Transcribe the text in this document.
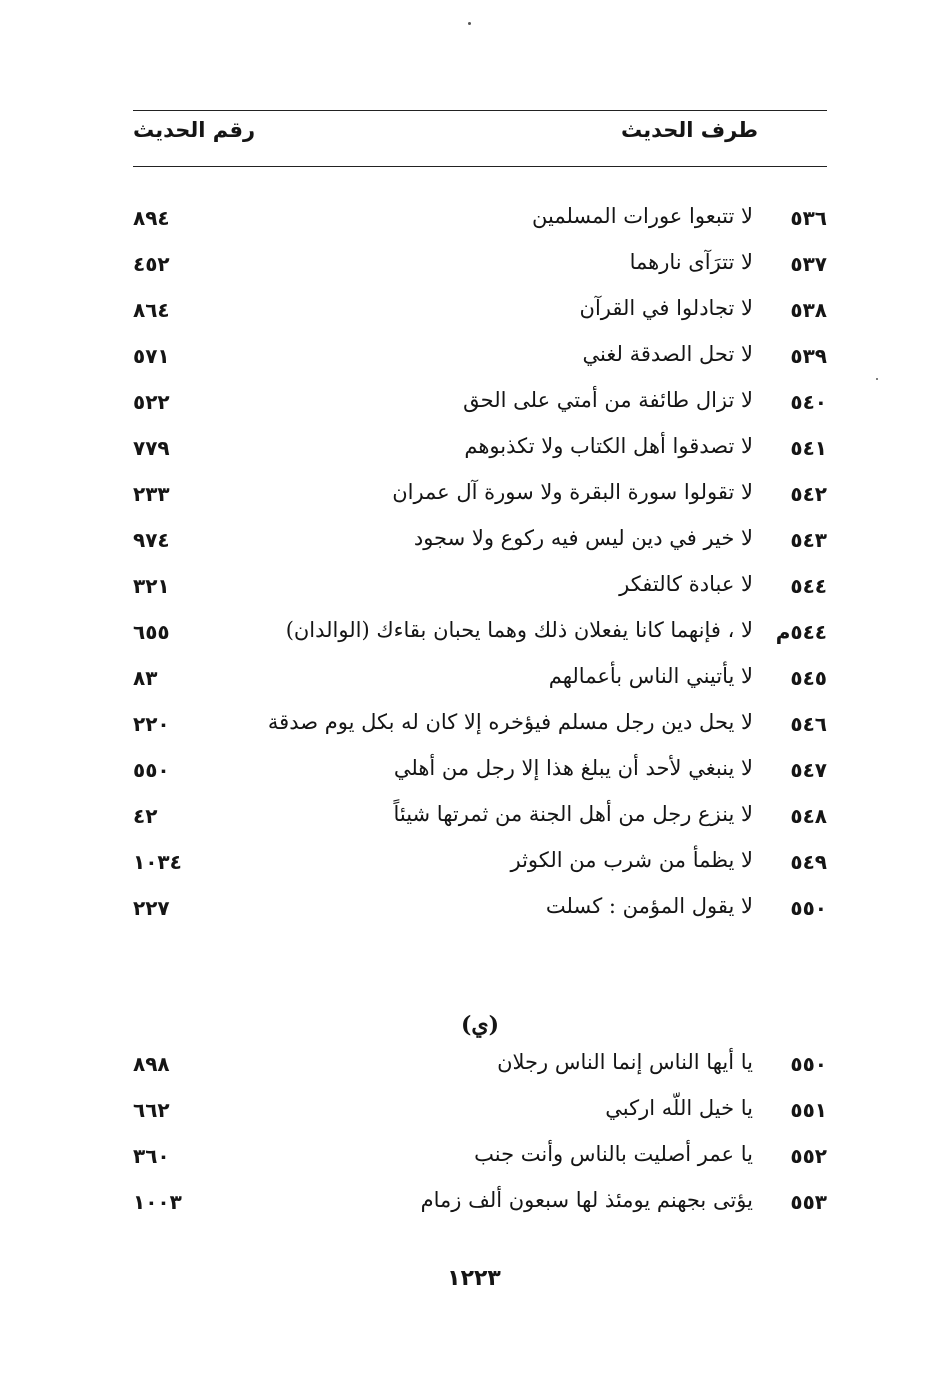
طرف الحديث
رقم الحديث
٥٣٦
لا تتبعوا عورات المسلمين
٨٩٤
٥٣٧
لا تترَآى نارهما
٤٥٢
٥٣٨
لا تجادلوا في القرآن
٨٦٤
٥٣٩
لا تحل الصدقة لغني
٥٧١
٥٤٠
لا تزال طائفة من أمتي على الحق
٥٢٢
٥٤١
لا تصدقوا أهل الكتاب ولا تكذبوهم
٧٧٩
٥٤٢
لا تقولوا سورة البقرة ولا سورة آل عمران
٢٣٣
٥٤٣
لا خير في دين ليس فيه ركوع ولا سجود
٩٧٤
٥٤٤
لا عبادة كالتفكر
٣٢١
٥٤٤م
لا ، فإنهما كانا يفعلان ذلك وهما يحبان بقاءك (الوالدان)
٦٥٥
٥٤٥
لا يأتيني الناس بأعمالهم
٨٣
٥٤٦
لا يحل دين رجل مسلم فيؤخره إلا كان له بكل يوم صدقة
٢٢٠
٥٤٧
لا ينبغي لأحد أن يبلغ هذا إلا رجل من أهلي
٥٥٠
٥٤٨
لا ينزع رجل من أهل الجنة من ثمرتها شيئاً
٤٢
٥٤٩
لا يظمأ من شرب من الكوثر
١٠٣٤
٥٥٠
لا يقول المؤمن : كسلت
٢٢٧
(ي)
٥٥٠
يا أيها الناس إنما الناس رجلان
٨٩٨
٥٥١
يا خيل اللّه اركبي
٦٦٢
٥٥٢
يا عمر أصليت بالناس وأنت جنب
٣٦٠
٥٥٣
يؤتى بجهنم يومئذ لها سبعون ألف زمام
١٠٠٣
١٢٢٣
